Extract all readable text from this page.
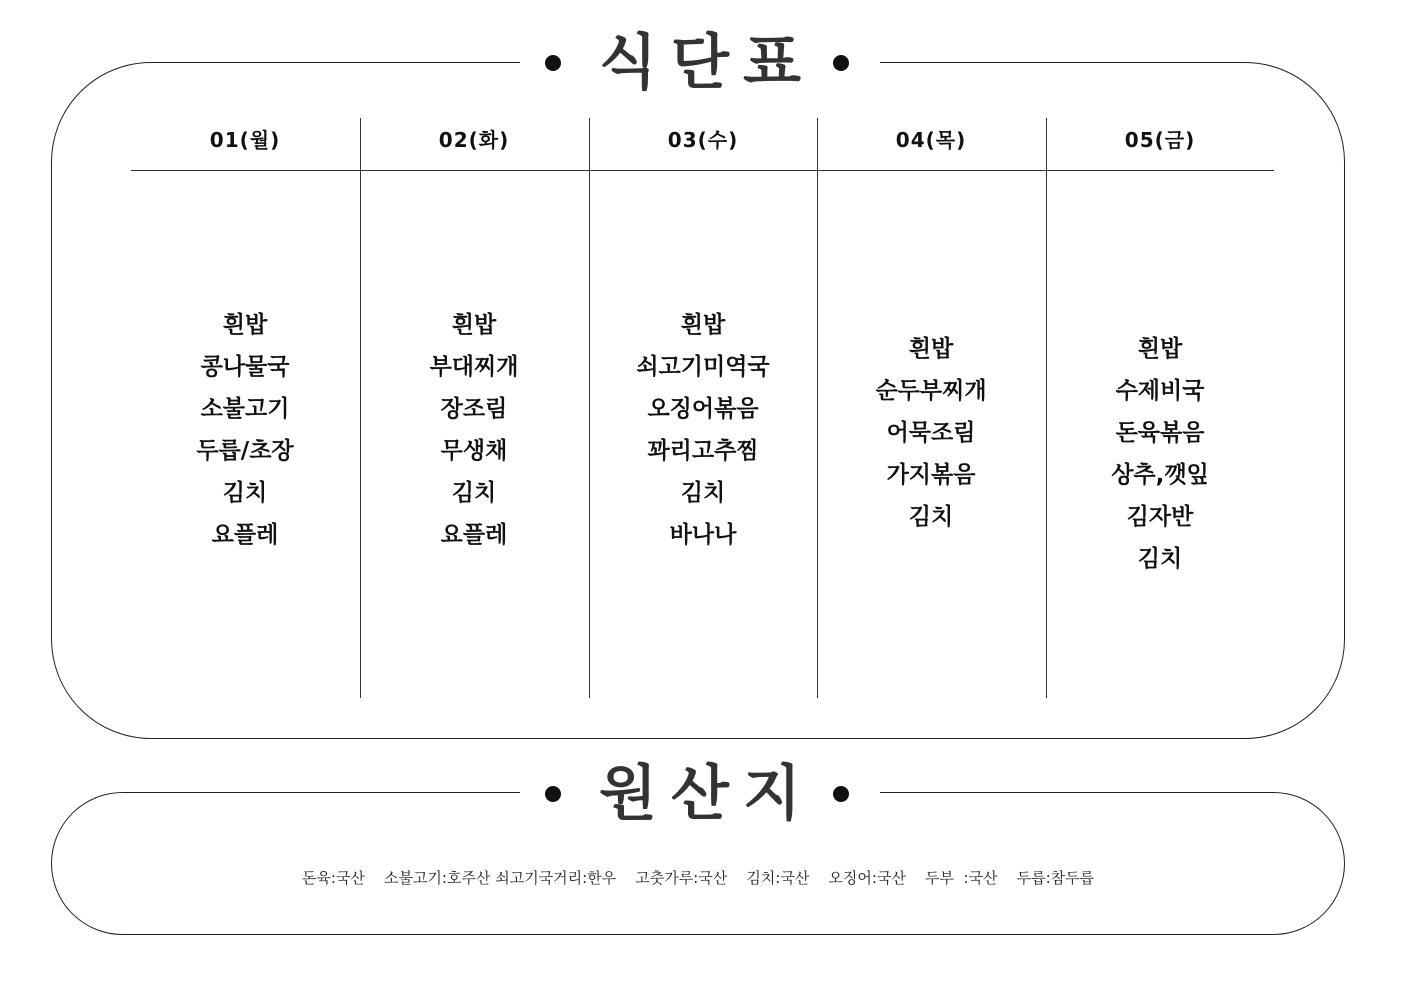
식단표
01(월)
흰밥
콩나물국
소불고기
두릅/초장
김치
요플레
02(화)
흰밥
부대찌개
장조림
무생채
김치
요플레
03(수)
흰밥
쇠고기미역국
오징어볶음
꽈리고추찜
김치
바나나
04(목)
흰밥
순두부찌개
어묵조림
가지볶음
김치
05(금)
흰밥
수제비국
돈육볶음
상추,깻잎
김자반
김치
원산지
돈육:국산    소불고기:호주산 쇠고기국거리:한우    고춧가루:국산    김치:국산    오징어:국산    두부  :국산    두릅:참두릅
